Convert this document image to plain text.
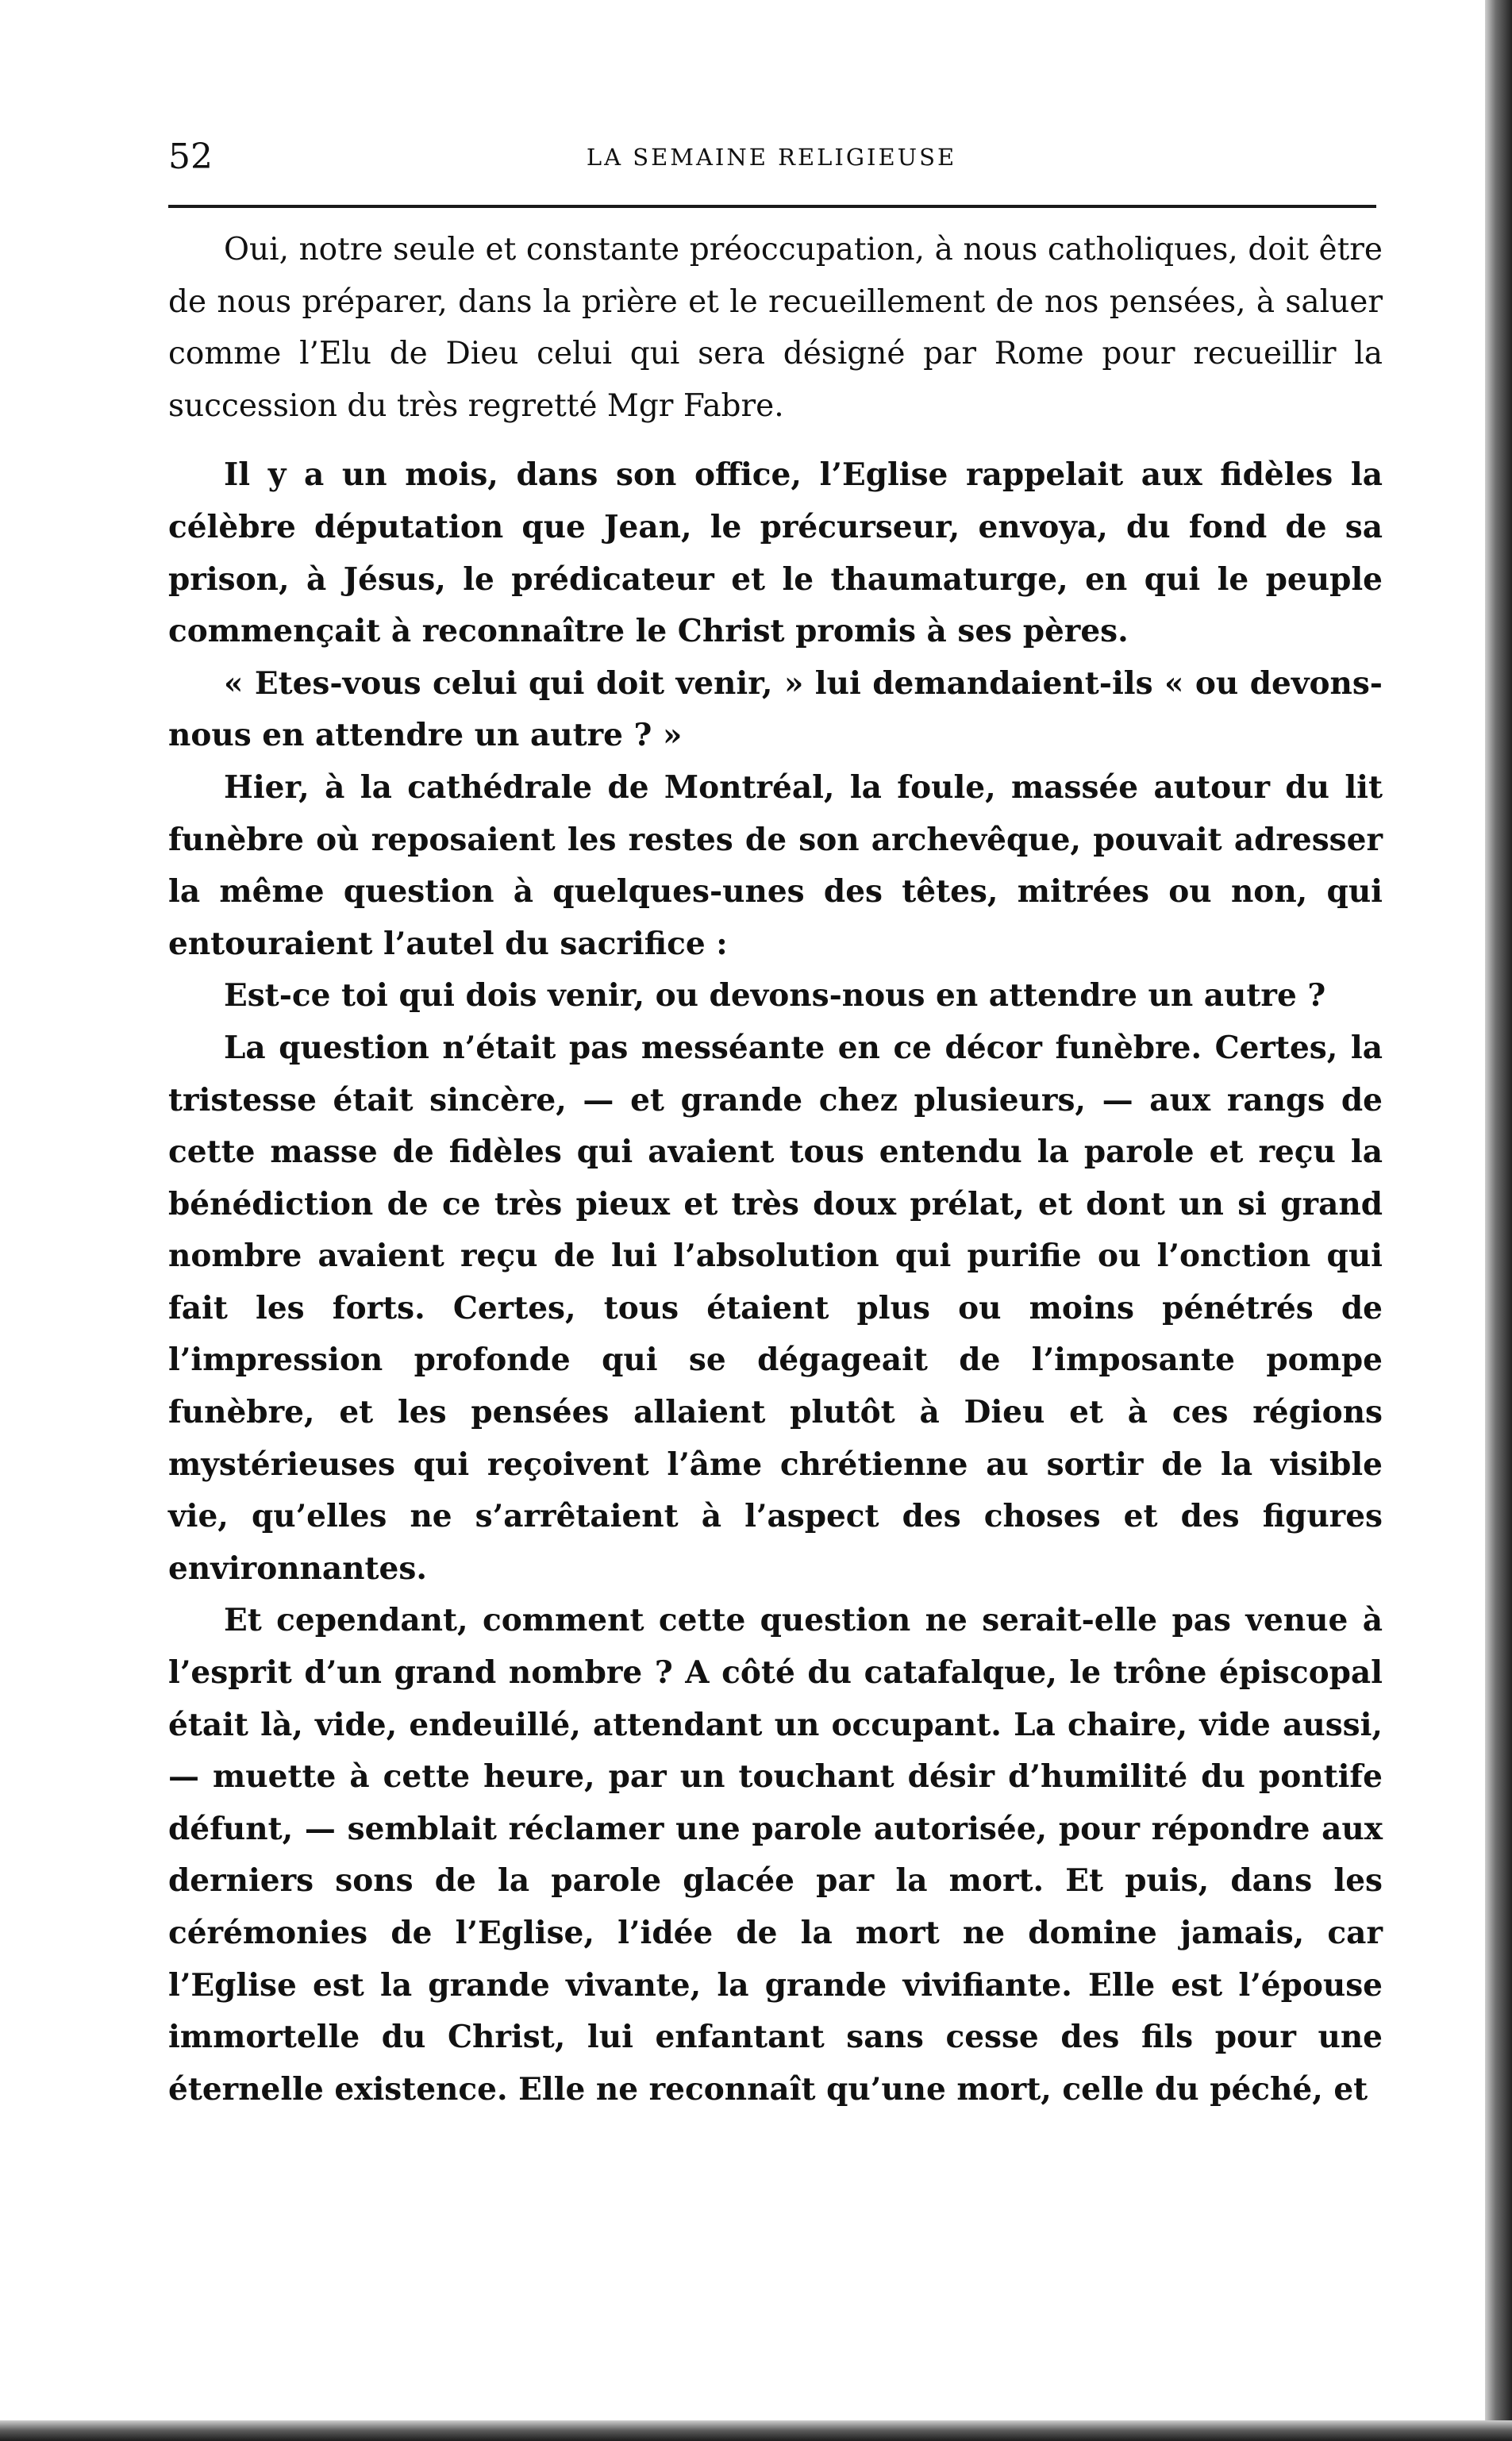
52	LA SEMAINE RELIGIEUSE

Oui, notre seule et constante préoccupation, à nous catholiques, doit être de nous préparer, dans la prière et le recueillement de nos pensées, à saluer comme l’Elu de Dieu celui qui sera désigné par Rome pour recueillir la succession du très regretté Mgr Fabre.

Il y a un mois, dans son office, l’Eglise rappelait aux fidèles la célèbre députation que Jean, le précurseur, envoya, du fond de sa prison, à Jésus, le prédicateur et le thaumaturge, en qui le peuple commençait à reconnaître le Christ promis à ses pères.

« Etes-vous celui qui doit venir, » lui demandaient-ils « ou devons-nous en attendre un autre ? »

Hier, à la cathédrale de Montréal, la foule, massée autour du lit funèbre où reposaient les restes de son archevêque, pouvait adresser la même question à quelques-unes des têtes, mitrées ou non, qui entouraient l’autel du sacrifice :

Est-ce toi qui dois venir, ou devons-nous en attendre un autre ?

La question n’était pas messéante en ce décor funèbre. Certes, la tristesse était sincère, — et grande chez plusieurs, — aux rangs de cette masse de fidèles qui avaient tous entendu la parole et reçu la bénédiction de ce très pieux et très doux prélat, et dont un si grand nombre avaient reçu de lui l’absolution qui purifie ou l’onction qui fait les forts. Certes, tous étaient plus ou moins pénétrés de l’impression profonde qui se dégageait de l’imposante pompe funèbre, et les pensées allaient plutôt à Dieu et à ces régions mystérieuses qui reçoivent l’âme chrétienne au sortir de la visible vie, qu’elles ne s’arrêtaient à l’aspect des choses et des figures environnantes.

Et cependant, comment cette question ne serait-elle pas venue à l’esprit d’un grand nombre ? A côté du catafalque, le trône épiscopal était là, vide, endeuillé, attendant un occupant. La chaire, vide aussi, — muette à cette heure, par un touchant désir d’humilité du pontife défunt, — semblait réclamer une parole autorisée, pour répondre aux derniers sons de la parole glacée par la mort. Et puis, dans les cérémonies de l’Eglise, l’idée de la mort ne domine jamais, car l’Eglise est la grande vivante, la grande vivifiante. Elle est l’épouse immortelle du Christ, lui enfantant sans cesse des fils pour une éternelle existence. Elle ne reconnaît qu’une mort, celle du péché, et
